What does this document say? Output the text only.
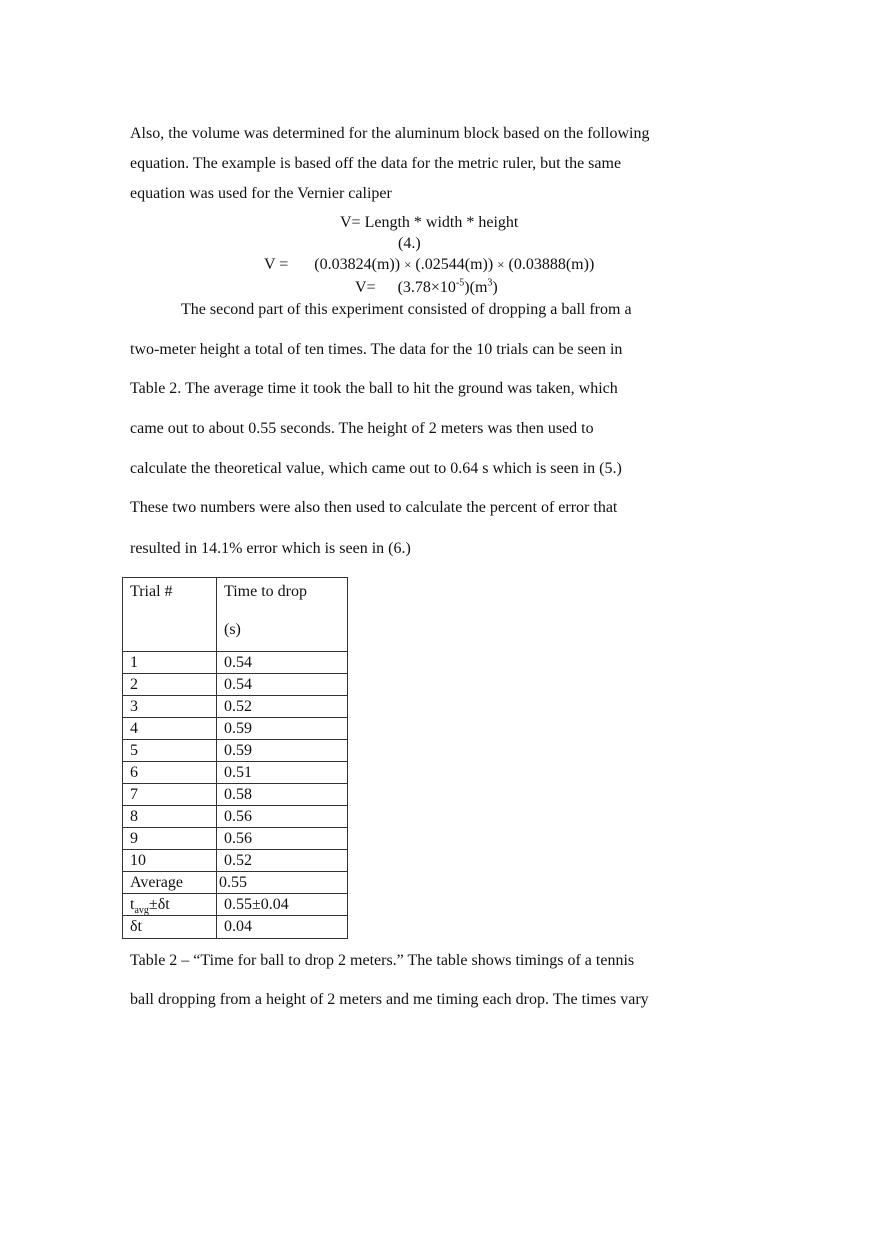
Also, the volume was determined for the aluminum block based on the following
equation. The example is based off the data for the metric ruler, but the same
equation was used for the Vernier caliper
V= Length * width * height
(4.)
V = (0.03824(m)) × (.02544(m)) × (0.03888(m))
$V= (3.78\times 10^{-5})(m^3)$
The second part of this experiment consisted of dropping a ball from a
two-meter height a total of ten times. The data for the 10 trials can be seen in
Table 2. The average time it took the ball to hit the ground was taken, which
came out to about 0.55 seconds. The height of 2 meters was then used to
calculate the theoretical value, which came out to 0.64 s which is seen in (5.)
These two numbers were also then used to calculate the percent of error that
resulted in 14.1% error which is seen in (6.)
Trial #	Time to drop
(s)

1	0.54
2	0.54
3	0.52
4	0.59
5	0.59
6	0.51
7	0.58
8	0.56
9	0.56
10	0.52
Average	0.55
$t_{avg}\pm\delta t$	0.55±0.04
δt	0.04
Table 2 – “Time for ball to drop 2 meters.” The table shows timings of a tennis
ball dropping from a height of 2 meters and me timing each drop. The times vary
